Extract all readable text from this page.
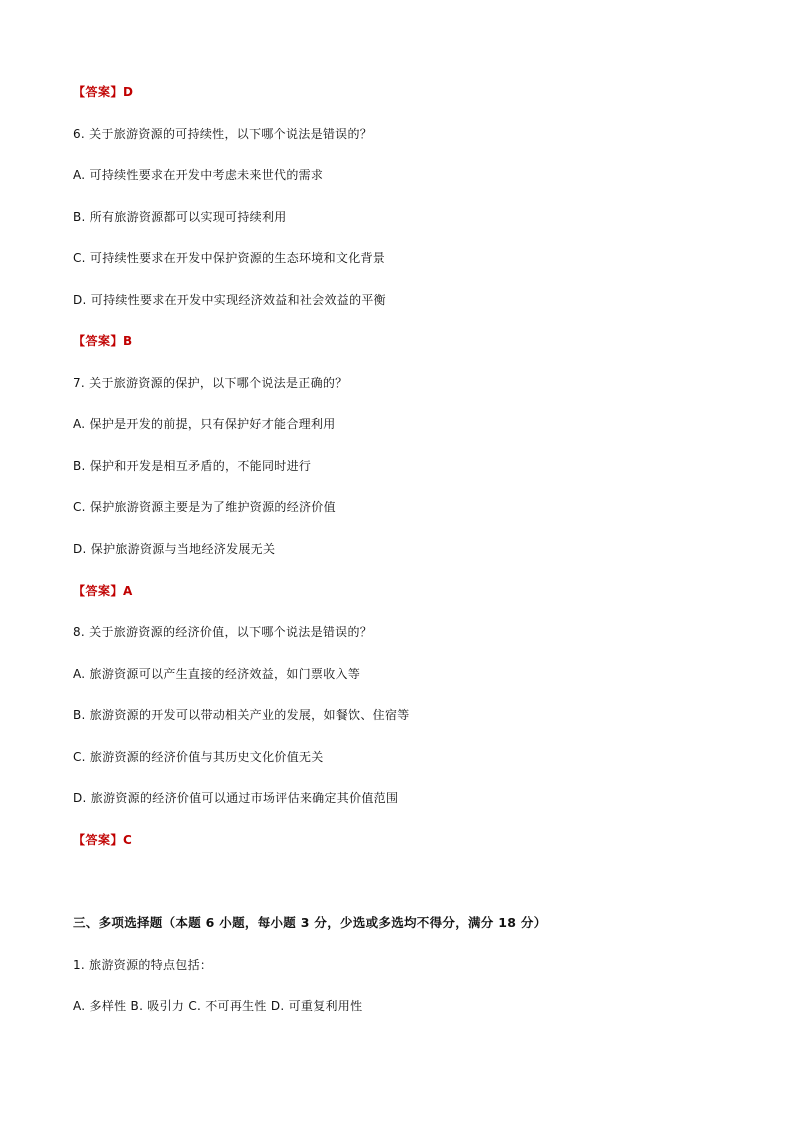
【答案】D
6. 关于旅游资源的可持续性，以下哪个说法是错误的？
A. 可持续性要求在开发中考虑未来世代的需求
B. 所有旅游资源都可以实现可持续利用
C. 可持续性要求在开发中保护资源的生态环境和文化背景
D. 可持续性要求在开发中实现经济效益和社会效益的平衡
【答案】B
7. 关于旅游资源的保护，以下哪个说法是正确的？
A. 保护是开发的前提，只有保护好才能合理利用
B. 保护和开发是相互矛盾的，不能同时进行
C. 保护旅游资源主要是为了维护资源的经济价值
D. 保护旅游资源与当地经济发展无关
【答案】A
8. 关于旅游资源的经济价值，以下哪个说法是错误的？
A. 旅游资源可以产生直接的经济效益，如门票收入等
B. 旅游资源的开发可以带动相关产业的发展，如餐饮、住宿等
C. 旅游资源的经济价值与其历史文化价值无关
D. 旅游资源的经济价值可以通过市场评估来确定其价值范围
【答案】C
三、多项选择题（本题 6 小题，每小题 3 分，少选或多选均不得分，满分 18 分）
1. 旅游资源的特点包括：
A. 多样性 B. 吸引力 C. 不可再生性 D. 可重复利用性
